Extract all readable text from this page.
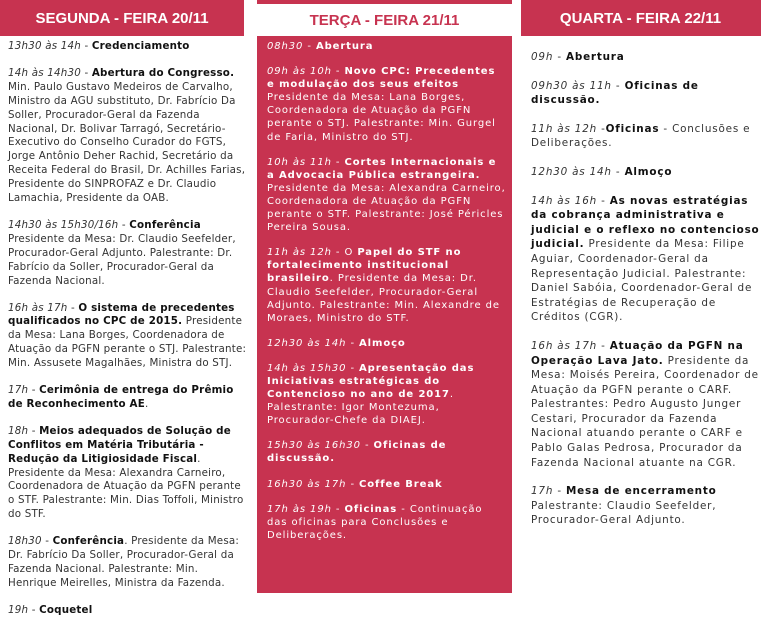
SEGUNDA - FEIRA 20/11
13h30 às 14h - Credenciamento
14h às 14h30 - Abertura do Congresso. Min. Paulo Gustavo Medeiros de Carvalho, Ministro da AGU substituto, Dr. Fabrício Da Soller, Procurador-Geral da Fazenda Nacional, Dr. Bolivar Tarragó, Secretário-Executivo do Conselho Curador do FGTS, Jorge Antônio Deher Rachid, Secretário da Receita Federal do Brasil, Dr. Achilles Farias, Presidente do SINPROFAZ e Dr. Claudio Lamachia, Presidente da OAB.
14h30 às 15h30/16h - Conferência Presidente da Mesa: Dr. Claudio Seefelder, Procurador-Geral Adjunto. Palestrante: Dr. Fabrício da Soller, Procurador-Geral da Fazenda Nacional.
16h às 17h - O sistema de precedentes qualificados no CPC de 2015. Presidente da Mesa: Lana Borges, Coordenadora de Atuação da PGFN perante o STJ. Palestrante: Min. Assusete Magalhães, Ministra do STJ.
17h - Cerimônia de entrega do Prêmio de Reconhecimento AE.
18h - Meios adequados de Solução de Conflitos em Matéria Tributária - Redução da Litigiosidade Fiscal. Presidente da Mesa: Alexandra Carneiro, Coordenadora de Atuação da PGFN perante o STF. Palestrante: Min. Dias Toffoli, Ministro do STF.
18h30 - Conferência. Presidente da Mesa: Dr. Fabrício Da Soller, Procurador-Geral da Fazenda Nacional. Palestrante: Min. Henrique Meirelles, Ministra da Fazenda.
19h - Coquetel
TERÇA - FEIRA 21/11
08h30 - Abertura
09h às 10h - Novo CPC: Precedentes e modulação dos seus efeitos Presidente da Mesa: Lana Borges, Coordenadora de Atuação da PGFN perante o STJ. Palestrante: Min. Gurgel de Faria, Ministro do STJ.
10h às 11h - Cortes Internacionais e a Advocacia Pública estrangeira. Presidente da Mesa: Alexandra Carneiro, Coordenadora de Atuação da PGFN perante o STF. Palestrante: José Péricles Pereira Sousa.
11h às 12h - O Papel do STF no fortalecimento institucional brasileiro. Presidente da Mesa: Dr. Claudio Seefelder, Procurador-Geral Adjunto. Palestrante: Min. Alexandre de Moraes, Ministro do STF.
12h30 às 14h - Almoço
14h às 15h30 - Apresentação das Iniciativas estratégicas do Contencioso no ano de 2017. Palestrante: Igor Montezuma, Procurador-Chefe da DIAEJ.
15h30 às 16h30 - Oficinas de discussão.
16h30 às 17h - Coffee Break
17h às 19h - Oficinas - Continuação das oficinas para Conclusões e Deliberações.
QUARTA - FEIRA 22/11
09h - Abertura
09h30 às 11h - Oficinas de discussão.
11h às 12h -Oficinas - Conclusões e Deliberações.
12h30 às 14h - Almoço
14h às 16h - As novas estratégias da cobrança administrativa e judicial e o reflexo no contencioso judicial. Presidente da Mesa: Filipe Aguiar, Coordenador-Geral da Representação Judicial. Palestrante: Daniel Sabóia, Coordenador-Geral de Estratégias de Recuperação de Créditos (CGR).
16h às 17h - Atuação da PGFN na Operação Lava Jato. Presidente da Mesa: Moisés Pereira, Coordenador de Atuação da PGFN perante o CARF. Palestrantes: Pedro Augusto Junger Cestari, Procurador da Fazenda Nacional atuando perante o CARF e Pablo Galas Pedrosa, Procurador da Fazenda Nacional atuante na CGR.
17h - Mesa de encerramento Palestrante: Claudio Seefelder, Procurador-Geral Adjunto.
